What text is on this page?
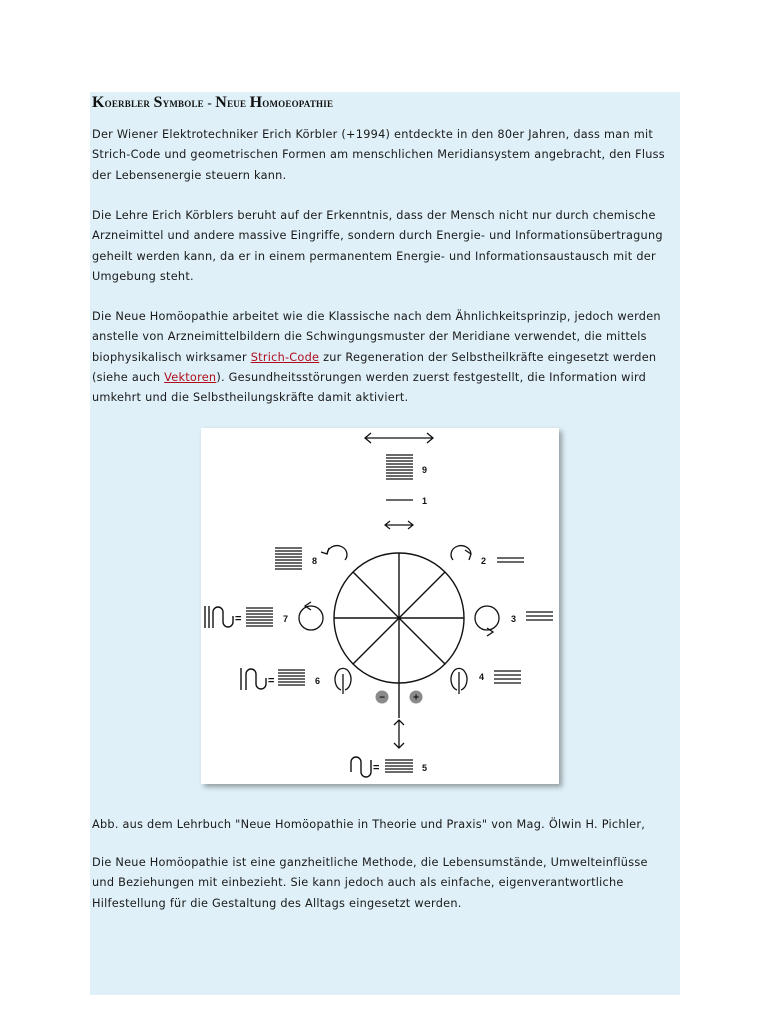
Koerbler Symbole - Neue Homoeopathie

Der Wiener Elektrotechniker Erich Körbler (+1994) entdeckte in den 80er Jahren, dass man mit Strich-Code und geometrischen Formen am menschlichen Meridiansystem angebracht, den Fluss der Lebensenergie steuern kann.

Die Lehre Erich Körblers beruht auf der Erkenntnis, dass der Mensch nicht nur durch chemische Arzneimittel und andere massive Eingriffe, sondern durch Energie- und Informationsübertragung geheilt werden kann, da er in einem permanentem Energie- und Informationsaustausch mit der Umgebung steht.

Die Neue Homöopathie arbeitet wie die Klassische nach dem Ähnlichkeitsprinzip, jedoch werden anstelle von Arzneimittelbildern die Schwingungsmuster der Meridiane verwendet, die mittels biophysikalisch wirksamer Strich-Code zur Regeneration der Selbstheilkräfte eingesetzt werden (siehe auch Vektoren). Gesundheitsstörungen werden zuerst festgestellt, die Information wird umkehrt und die Selbstheilungskräfte damit aktiviert.

9
1
8	2
=	7	3
=	6	4
−	+
=	5

Abb. aus dem Lehrbuch "Neue Homöopathie in Theorie und Praxis" von Mag. Ölwin H. Pichler,

Die Neue Homöopathie ist eine ganzheitliche Methode, die Lebensumstände, Umwelteinflüsse und Beziehungen mit einbezieht. Sie kann jedoch auch als einfache, eigenverantwortliche Hilfestellung für die Gestaltung des Alltags eingesetzt werden.
